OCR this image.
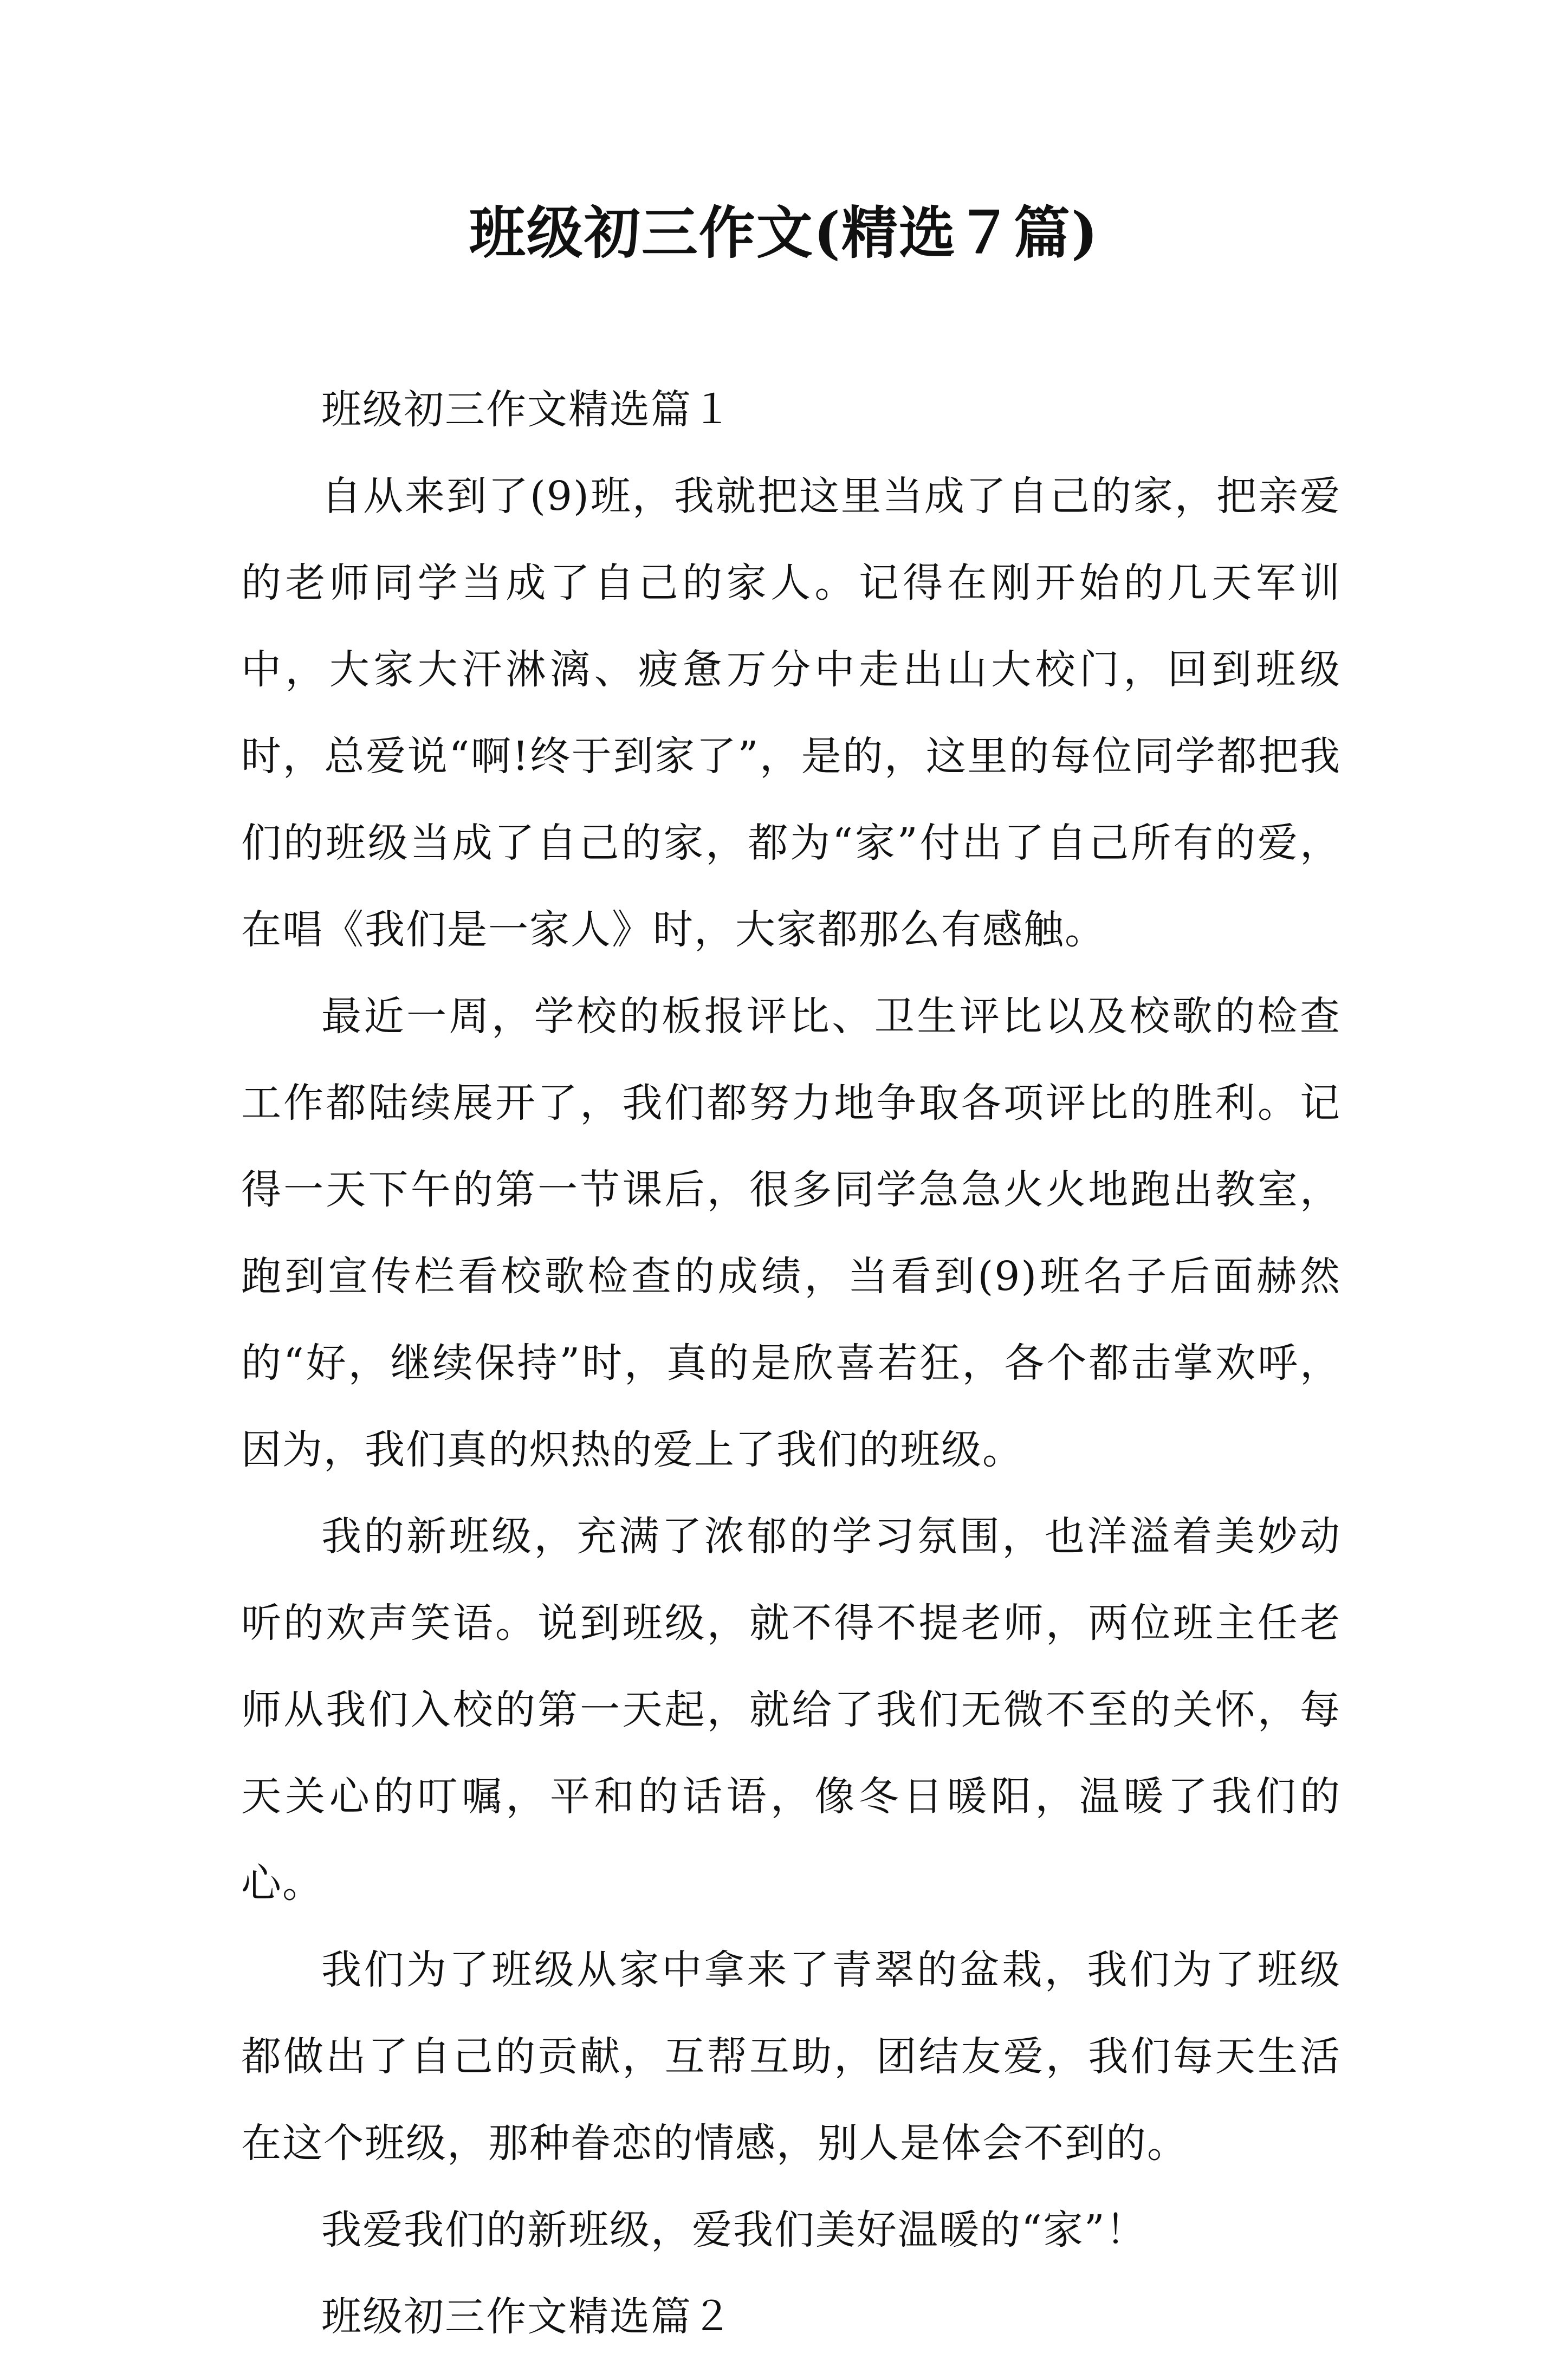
班级初三作文(精选７篇)

班级初三作文精选篇１

自从来到了(9)班，我就把这里当成了自己的家，把亲爱的老师同学当成了自己的家人。记得在刚开始的几天军训中，大家大汗淋漓、疲惫万分中走出山大校门，回到班级时，总爱说“啊!终于到家了”，是的，这里的每位同学都把我们的班级当成了自己的家，都为“家”付出了自己所有的爱，在唱《我们是一家人》时，大家都那么有感触。

最近一周，学校的板报评比、卫生评比以及校歌的检查工作都陆续展开了，我们都努力地争取各项评比的胜利。记得一天下午的第一节课后，很多同学急急火火地跑出教室，跑到宣传栏看校歌检查的成绩，当看到(9)班名子后面赫然的“好，继续保持”时，真的是欣喜若狂，各个都击掌欢呼，因为，我们真的炽热的爱上了我们的班级。

我的新班级，充满了浓郁的学习氛围，也洋溢着美妙动听的欢声笑语。说到班级，就不得不提老师，两位班主任老师从我们入校的第一天起，就给了我们无微不至的关怀，每天关心的叮嘱，平和的话语，像冬日暖阳，温暖了我们的心。

我们为了班级从家中拿来了青翠的盆栽，我们为了班级都做出了自己的贡献，互帮互助，团结友爱，我们每天生活在这个班级，那种眷恋的情感，别人是体会不到的。

我爱我们的新班级，爱我们美好温暖的“家”！

班级初三作文精选篇２
